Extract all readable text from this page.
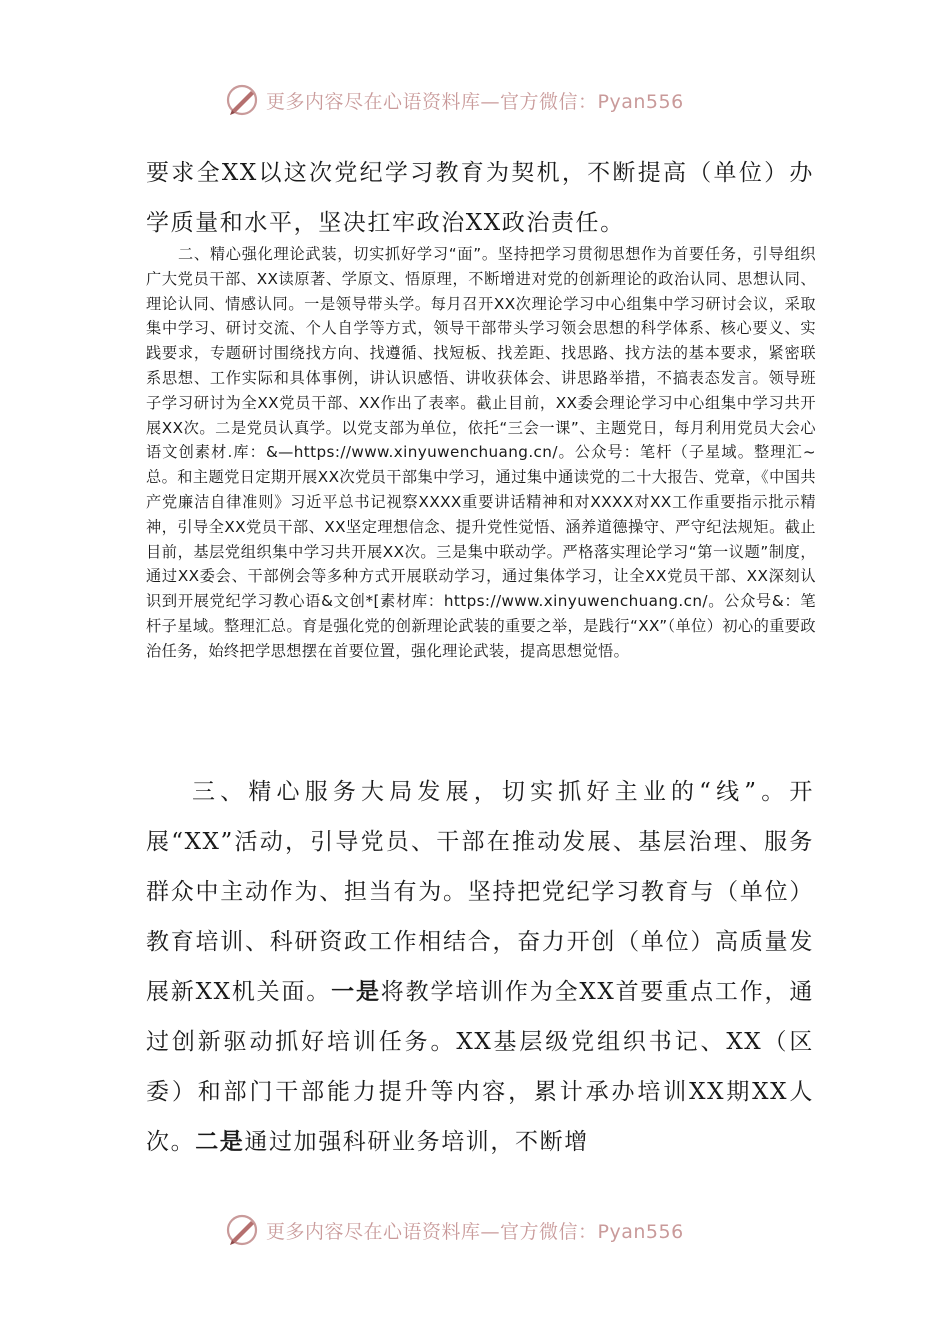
更多内容尽在心语资料库—官方微信：Pyan556

要求全XX以这次党纪学习教育为契机，不断提高（单位）办学质量和水平，坚决扛牢政治XX政治责任。

二、精心强化理论武装，切实抓好学习“面”。坚持把学习贯彻思想作为首要任务，引导组织广大党员干部、XX读原著、学原文、悟原理，不断增进对党的创新理论的政治认同、思想认同、理论认同、情感认同。一是领导带头学。每月召开XX次理论学习中心组集中学习研讨会议，采取集中学习、研讨交流、个人自学等方式，领导干部带头学习领会思想的科学体系、核心要义、实践要求，专题研讨围绕找方向、找遵循、找短板、找差距、找思路、找方法的基本要求，紧密联系思想、工作实际和具体事例，讲认识感悟、讲收获体会、讲思路举措，不搞表态发言。领导班子学习研讨为全XX党员干部、XX作出了表率。截止目前，XX委会理论学习中心组集中学习共开展XX次。二是党员认真学。以党支部为单位，依托“三会一课”、主题党日，每月利用党员大会心语文创素材.库：&—https://www.xinyuwenchuang.cn/。公众号：笔杆（子星域。整理汇~总。和主题党日定期开展XX次党员干部集中学习，通过集中通读党的二十大报告、党章，《中国共产党廉洁自律准则》习近平总书记视察XXXX重要讲话精神和对XXXX对XX工作重要指示批示精神，引导全XX党员干部、XX坚定理想信念、提升党性觉悟、涵养道德操守、严守纪法规矩。截止目前，基层党组织集中学习共开展XX次。三是集中联动学。严格落实理论学习“第一议题”制度，通过XX委会、干部例会等多种方式开展联动学习，通过集体学习，让全XX党员干部、XX深刻认识到开展党纪学习教心语&文创*[素材库：https://www.xinyuwenchuang.cn/。公众号&：笔杆子星域。整理汇总。育是强化党的创新理论武装的重要之举，是践行“XX”（单位）初心的重要政治任务，始终把学思想摆在首要位置，强化理论武装，提高思想觉悟。

三、精心服务大局发展，切实抓好主业的“线”。开展“XX”活动，引导党员、干部在推动发展、基层治理、服务群众中主动作为、担当有为。坚持把党纪学习教育与（单位）教育培训、科研资政工作相结合，奋力开创（单位）高质量发展新XX机关面。一是将教学培训作为全XX首要重点工作，通过创新驱动抓好培训任务。XX基层级党组织书记、XX（区委）和部门干部能力提升等内容，累计承办培训XX期XX人次。二是通过加强科研业务培训，不断增

更多内容尽在心语资料库—官方微信：Pyan556
